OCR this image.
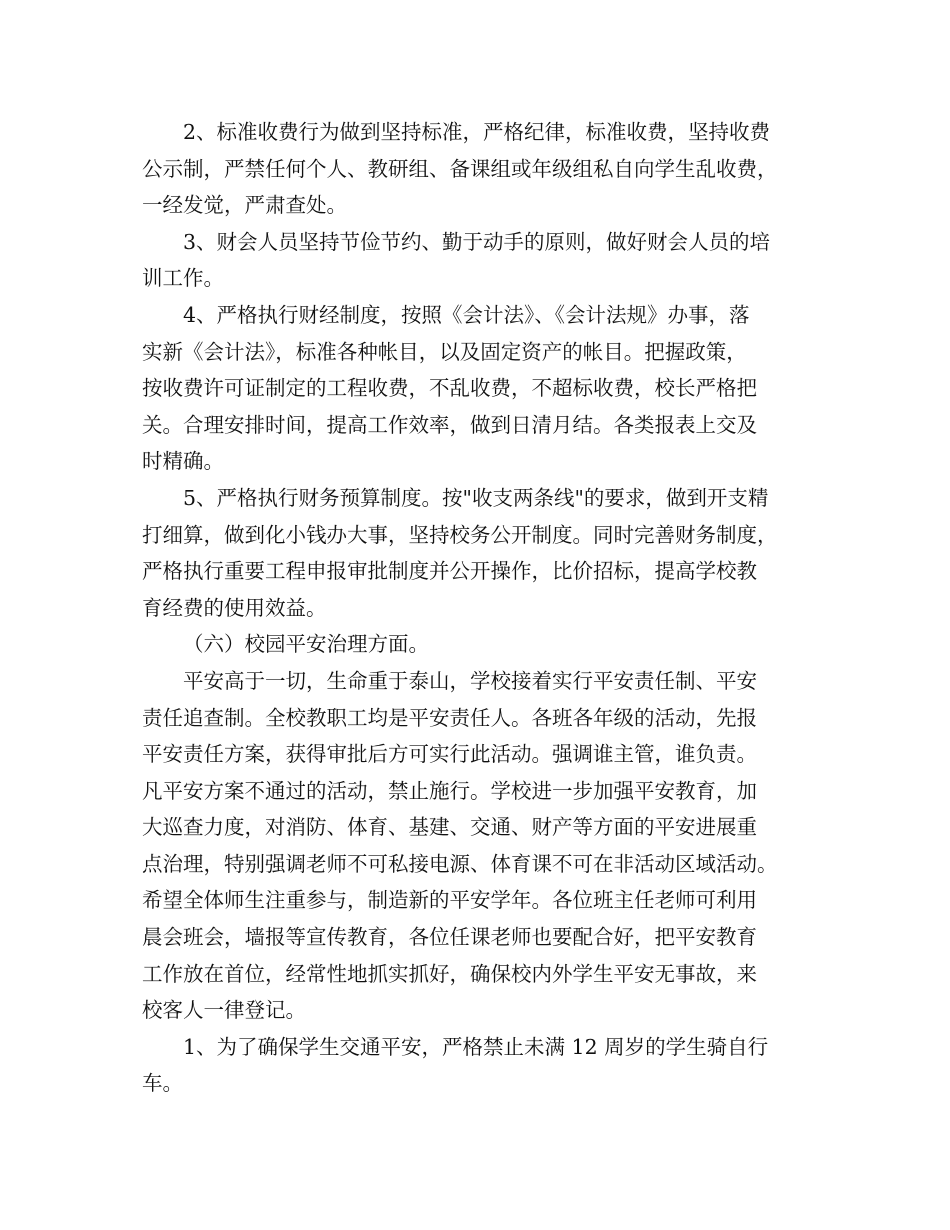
2、标准收费行为做到坚持标准，严格纪律，标准收费，坚持收费
公示制，严禁任何个人、教研组、备课组或年级组私自向学生乱收费，
一经发觉，严肃查处。
3、财会人员坚持节俭节约、勤于动手的原则，做好财会人员的培
训工作。
4、严格执行财经制度，按照《会计法》、《会计法规》办事，落
实新《会计法》，标准各种帐目，以及固定资产的帐目。把握政策，
按收费许可证制定的工程收费，不乱收费，不超标收费，校长严格把
关。合理安排时间，提高工作效率，做到日清月结。各类报表上交及
时精确。
5、严格执行财务预算制度。按"收支两条线"的要求，做到开支精
打细算，做到化小钱办大事，坚持校务公开制度。同时完善财务制度，
严格执行重要工程申报审批制度并公开操作，比价招标，提高学校教
育经费的使用效益。
（六）校园平安治理方面。
平安高于一切，生命重于泰山，学校接着实行平安责任制、平安
责任追查制。全校教职工均是平安责任人。各班各年级的活动，先报
平安责任方案，获得审批后方可实行此活动。强调谁主管，谁负责。
凡平安方案不通过的活动，禁止施行。学校进一步加强平安教育，加
大巡查力度，对消防、体育、基建、交通、财产等方面的平安进展重
点治理，特别强调老师不可私接电源、体育课不可在非活动区域活动。
希望全体师生注重参与，制造新的平安学年。各位班主任老师可利用
晨会班会，墙报等宣传教育，各位任课老师也要配合好，把平安教育
工作放在首位，经常性地抓实抓好，确保校内外学生平安无事故，来
校客人一律登记。
1、为了确保学生交通平安，严格禁止未满 12 周岁的学生骑自行
车。
